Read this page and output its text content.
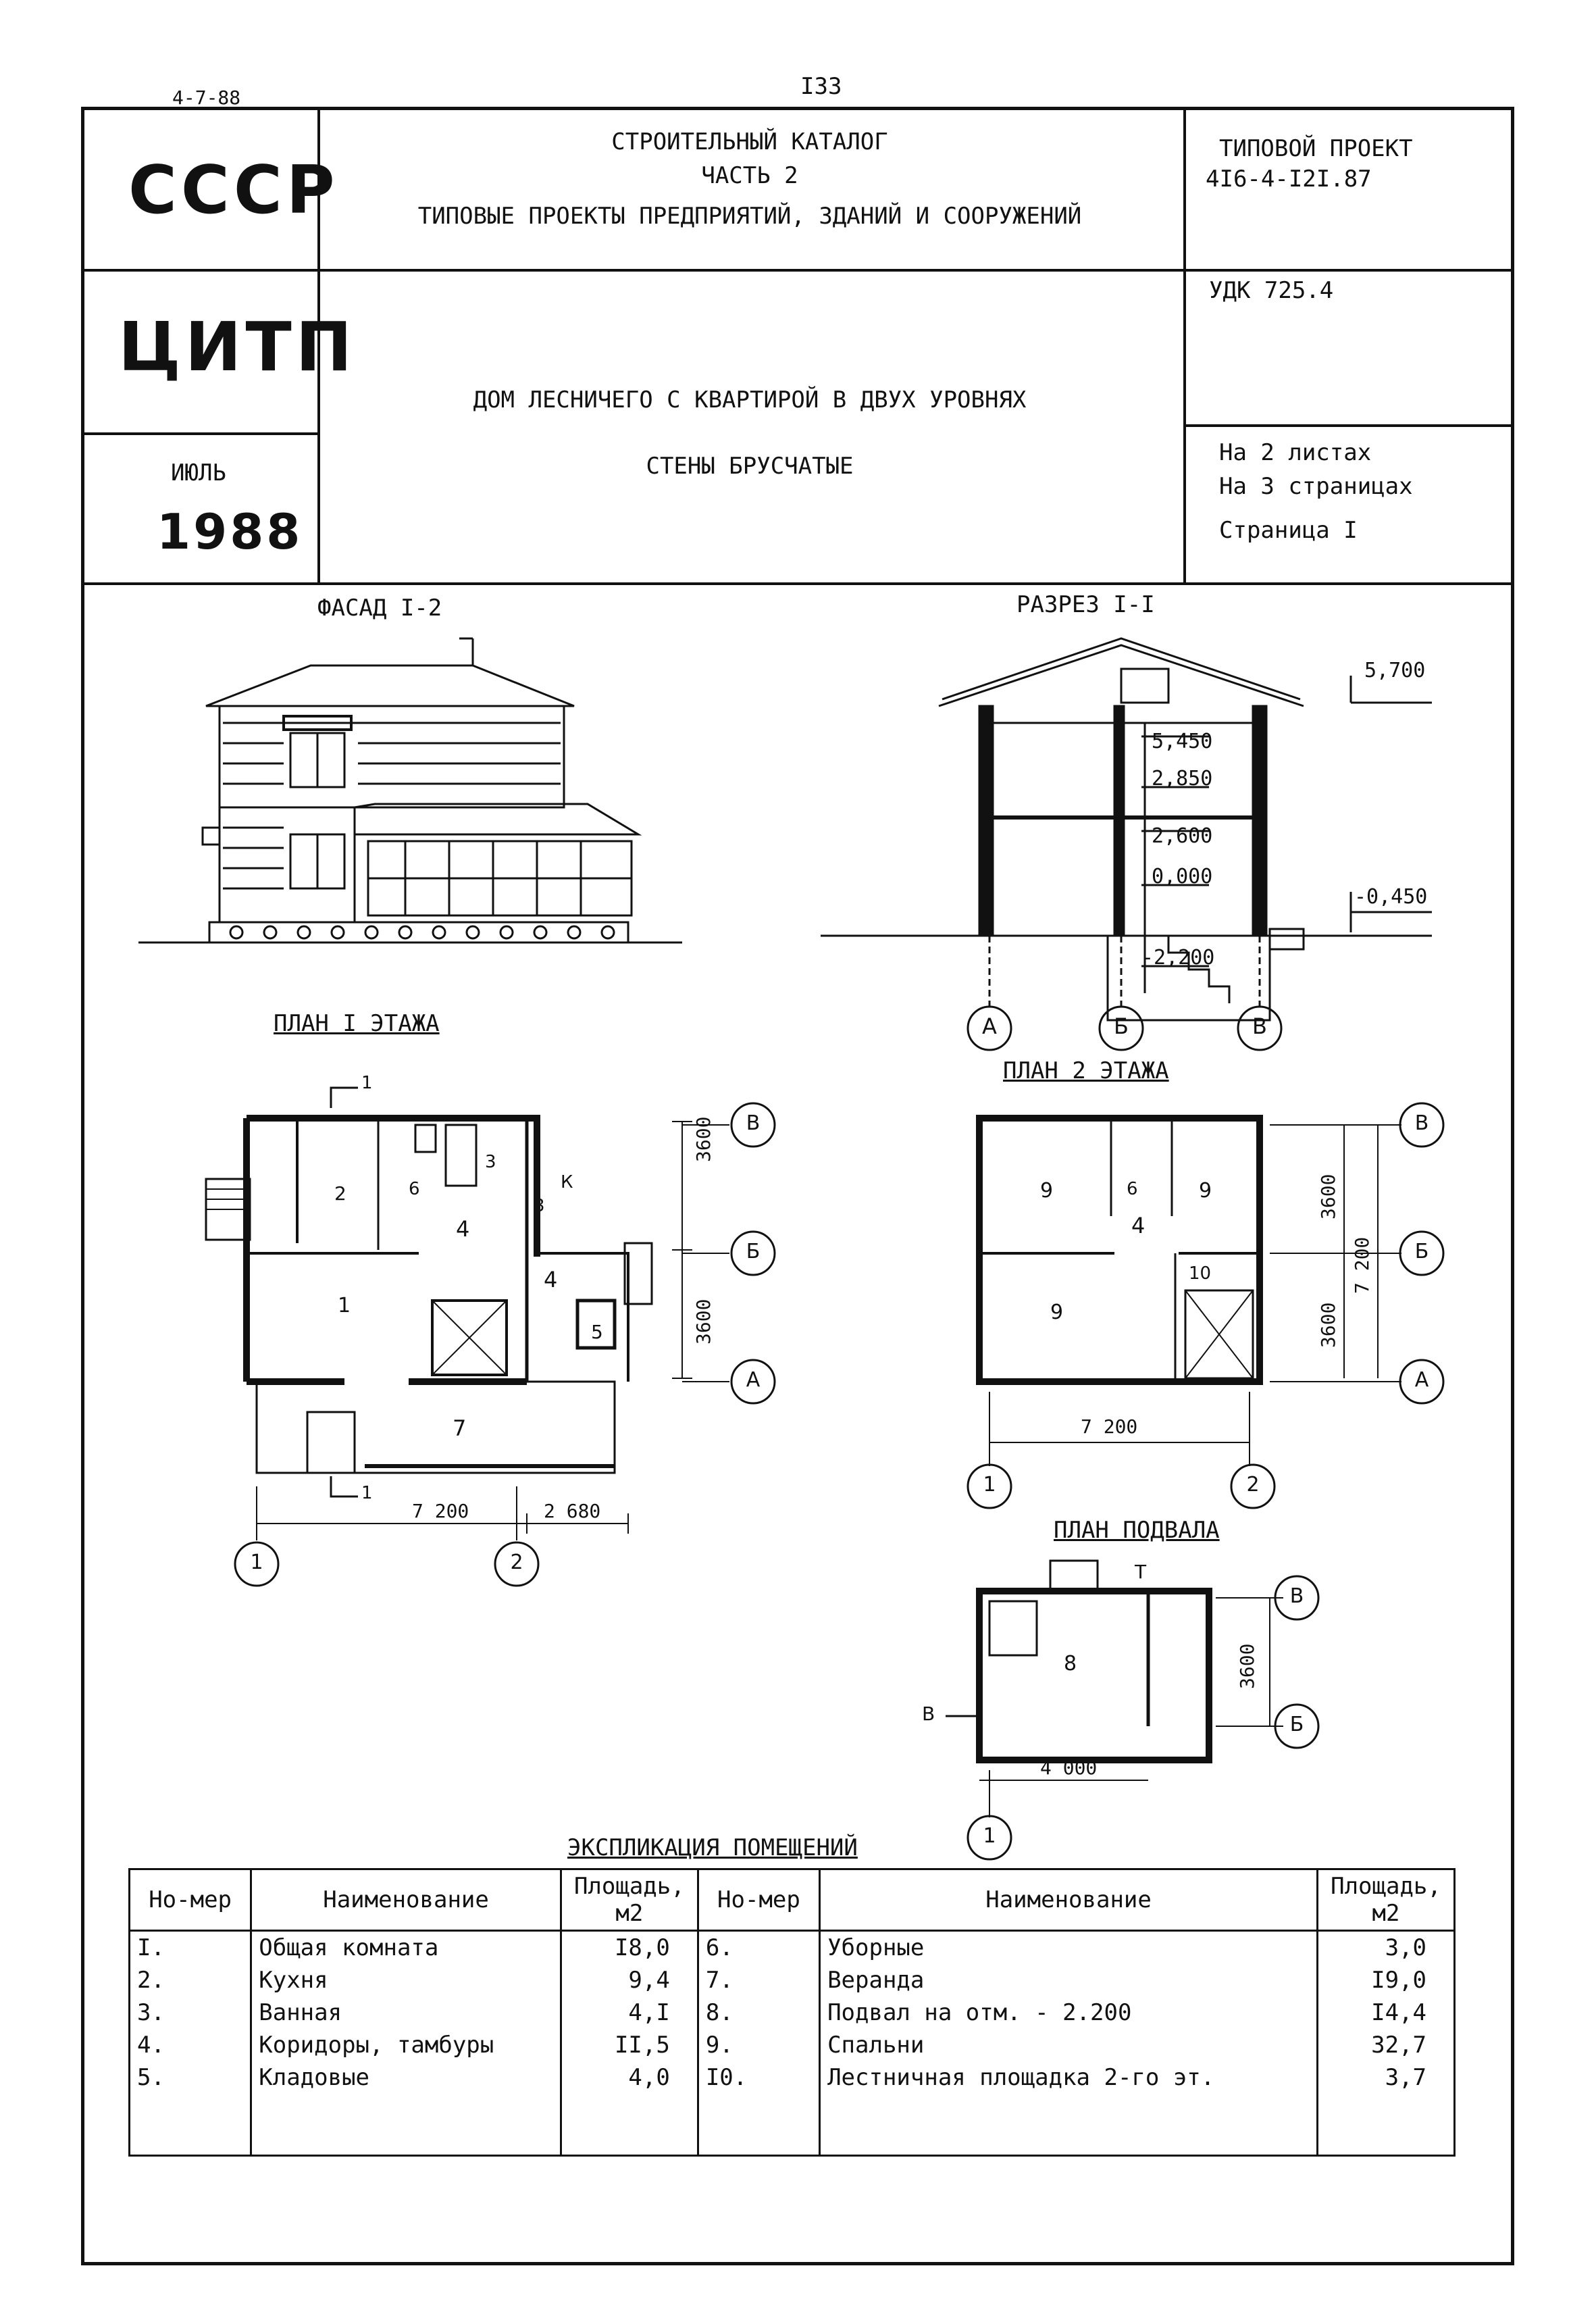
4-7-88	I33
СССР
ЦИТП
ИЮЛЬ
1988
СТРОИТЕЛЬНЫЙ КАТАЛОГ
ЧАСТЬ 2
ТИПОВЫЕ ПРОЕКТЫ ПРЕДПРИЯТИЙ, ЗДАНИЙ И СООРУЖЕНИЙ
ТИПОВОЙ ПРОЕКТ
4I6-4-I2I.87
УДК 725.4
ДОМ ЛЕСНИЧЕГО С КВАРТИРОЙ В ДВУХ УРОВНЯХ
СТЕНЫ БРУСЧАТЫЕ	На 2 листах
На 3 страницах
Страница I
ФАСАД I-2	РАЗРЕЗ I-I
ПЛАН I ЭТАЖА
ПЛАН 2 ЭТАЖА
ПЛАН ПОДВАЛА
5,700
5,450
2,850
2,600
0,000
-0,450
-2,200
А	Б	В
2
1
4
4
5
7
3
3
6	К
7 200	2 680
3600
3600
В
Б
А
1	2
1
1
9	9
9
6
4
10
7 200
3600
3600
7 200
В
Б
А
1	2
8
4 000
3600
В
Б
1
Т
В
ЭКСПЛИКАЦИЯ ПОМЕЩЕНИЙ
Но-мер	Наименование	Площадь, м2	Но-мер	Наименование	Площадь, м2
I.	Общая комната	I8,0	6.	Уборные	3,0
2.	Кухня	9,4	7.	Веранда	I9,0
3.	Ванная	4,I	8.	Подвал на отм. - 2.200	I4,4
4.	Коридоры, тамбуры	II,5	9.	Спальни	32,7
5.	Кладовые	4,0	I0.	Лестничная площадка 2-го эт.	3,7
